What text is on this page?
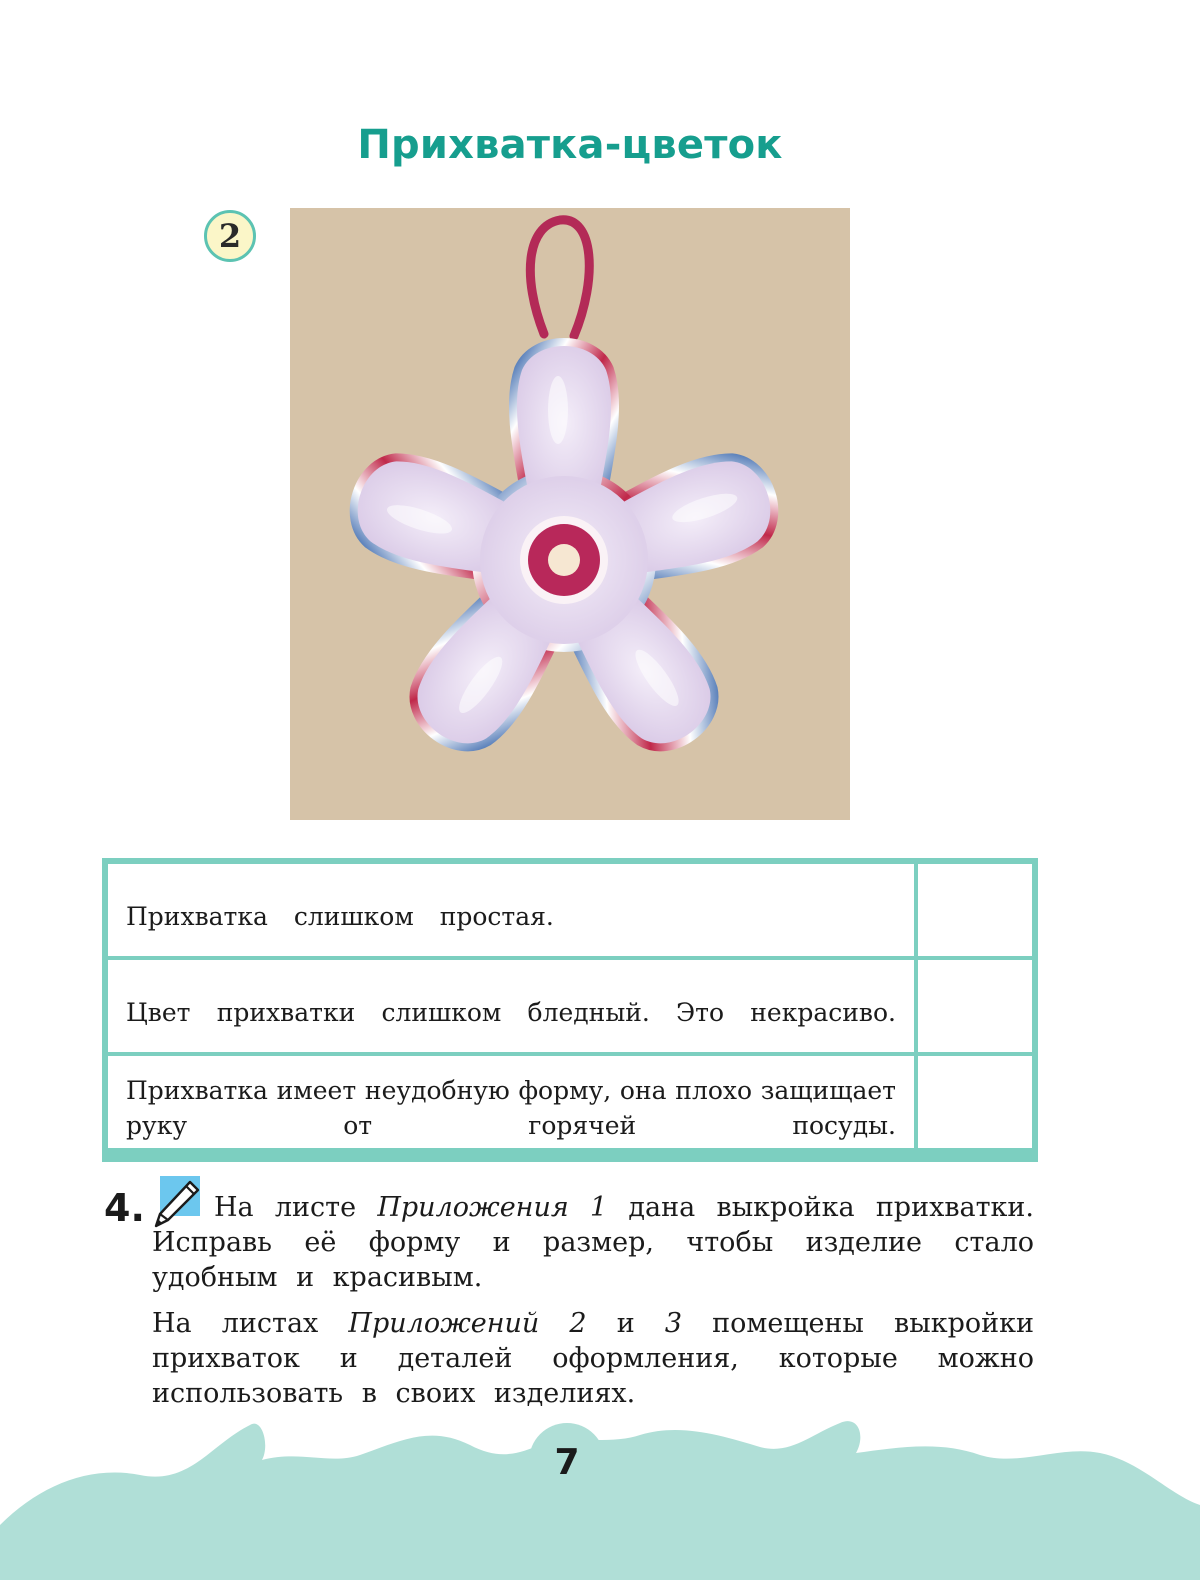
Прихватка-цветок
2
Прихватка слишком простая.
Цвет прихватки слишком бледный. Это некрасиво.
Прихватка имеет неудобную форму, она плохо защищает руку от горячей посуды.
4.	На листе Приложения 1 дана выкройка прихватки. Исправь её форму и размер, чтобы изделие стало удобным и красивым.
На листах Приложений 2 и 3 помещены выкройки прихваток и деталей оформления, которые можно использовать в своих изделиях.
7
